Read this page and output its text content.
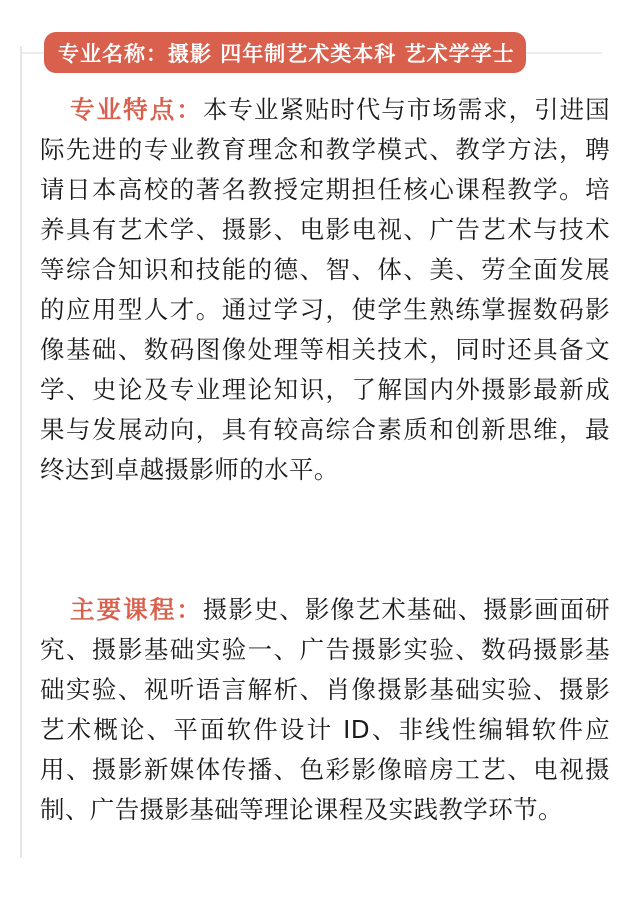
专业名称：摄影 四年制艺术类本科 艺术学学士
专业特点：本专业紧贴时代与市场需求，引进国际先进的专业教育理念和教学模式、教学方法，聘请日本高校的著名教授定期担任核心课程教学。培养具有艺术学、摄影、电影电视、广告艺术与技术等综合知识和技能的德、智、体、美、劳全面发展的应用型人才。通过学习，使学生熟练掌握数码影像基础、数码图像处理等相关技术，同时还具备文学、史论及专业理论知识，了解国内外摄影最新成果与发展动向，具有较高综合素质和创新思维，最终达到卓越摄影师的水平。
主要课程：摄影史、影像艺术基础、摄影画面研究、摄影基础实验一、广告摄影实验、数码摄影基础实验、视听语言解析、肖像摄影基础实验、摄影艺术概论、平面软件设计 ID、非线性编辑软件应用、摄影新媒体传播、色彩影像暗房工艺、电视摄制、广告摄影基础等理论课程及实践教学环节。
